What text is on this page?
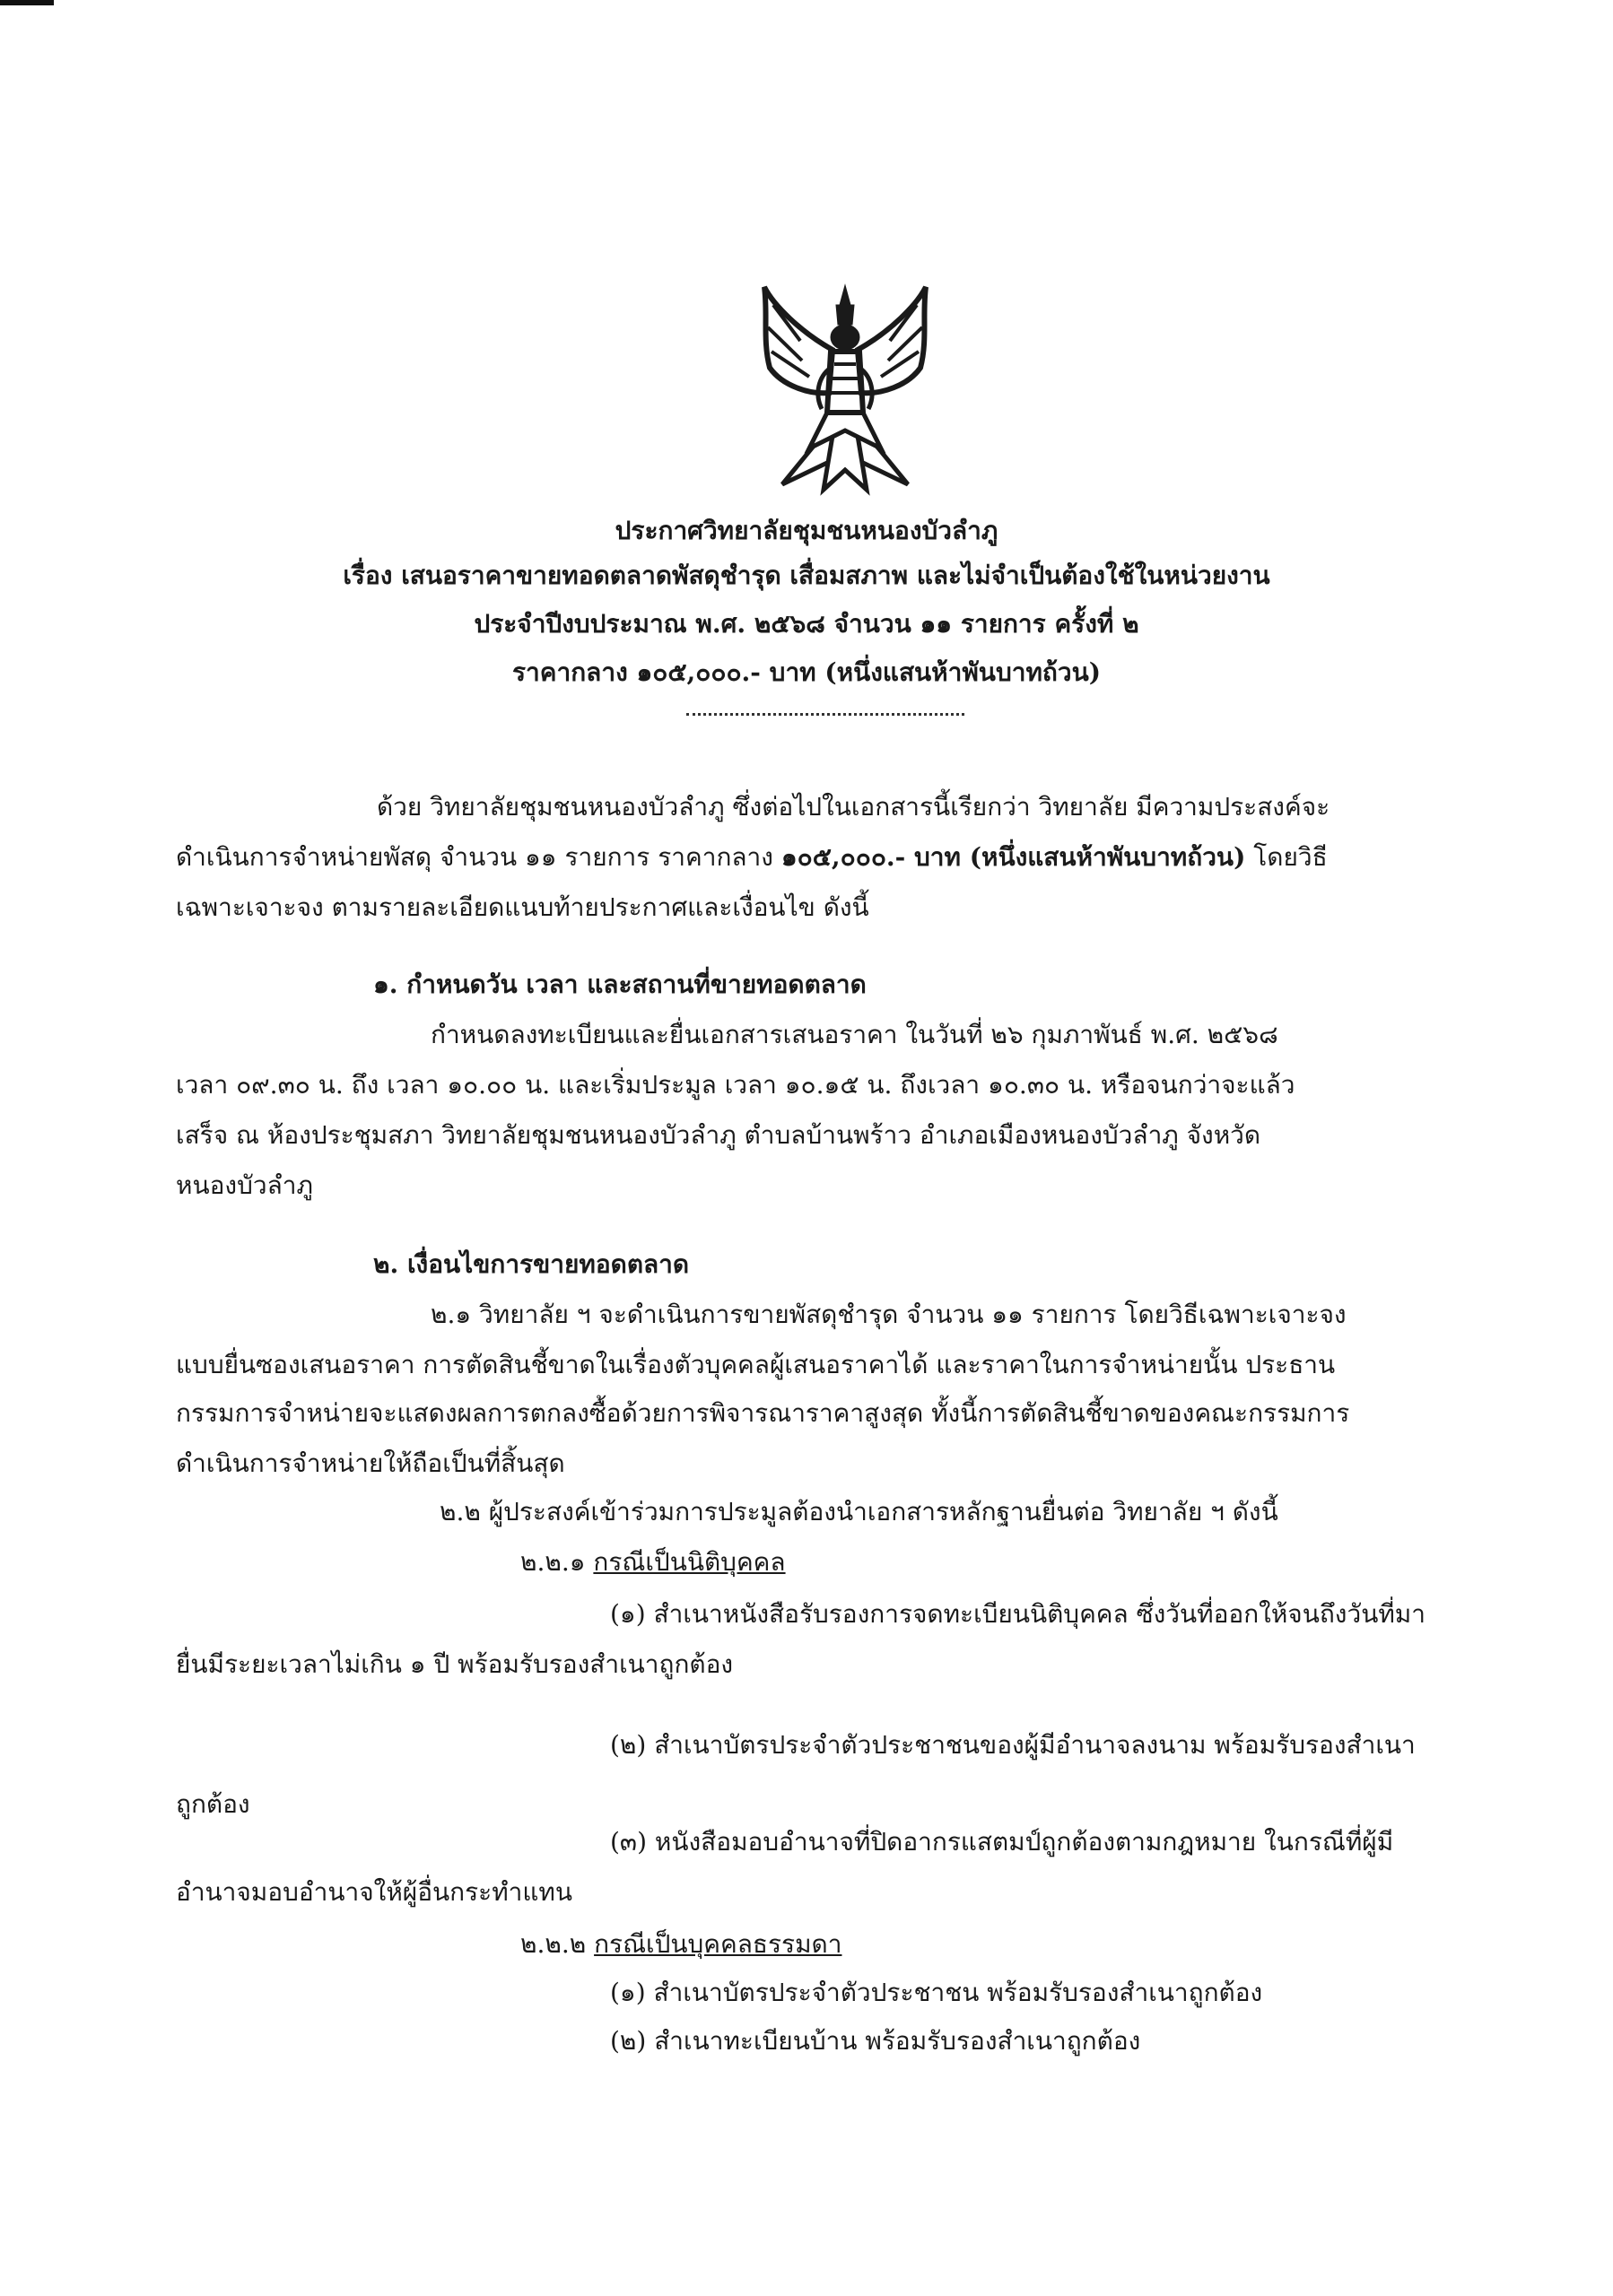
ประกาศวิทยาลัยชุมชนหนองบัวลำภู
เรื่อง เสนอราคาขายทอดตลาดพัสดุชำรุด เสื่อมสภาพ และไม่จำเป็นต้องใช้ในหน่วยงาน
ประจำปีงบประมาณ พ.ศ. ๒๕๖๘ จำนวน ๑๑ รายการ ครั้งที่ ๒
ราคากลาง ๑๐๕,๐๐๐.- บาท (หนึ่งแสนห้าพันบาทถ้วน)
ด้วย วิทยาลัยชุมชนหนองบัวลำภู ซึ่งต่อไปในเอกสารนี้เรียกว่า วิทยาลัย มีความประสงค์จะ
ดำเนินการจำหน่ายพัสดุ จำนวน ๑๑ รายการ ราคากลาง ๑๐๕,๐๐๐.- บาท (หนึ่งแสนห้าพันบาทถ้วน) โดยวิธี
เฉพาะเจาะจง ตามรายละเอียดแนบท้ายประกาศและเงื่อนไข ดังนี้
๑. กำหนดวัน เวลา และสถานที่ขายทอดตลาด
กำหนดลงทะเบียนและยื่นเอกสารเสนอราคา ในวันที่ ๒๖ กุมภาพันธ์ พ.ศ. ๒๕๖๘
เวลา ๐๙.๓๐ น. ถึง เวลา ๑๐.๐๐ น. และเริ่มประมูล เวลา ๑๐.๑๕ น. ถึงเวลา ๑๐.๓๐ น. หรือจนกว่าจะแล้ว
เสร็จ ณ ห้องประชุมสภา วิทยาลัยชุมชนหนองบัวลำภู ตำบลบ้านพร้าว อำเภอเมืองหนองบัวลำภู จังหวัด
หนองบัวลำภู
๒. เงื่อนไขการขายทอดตลาด
๒.๑ วิทยาลัย ฯ จะดำเนินการขายพัสดุชำรุด จำนวน ๑๑ รายการ โดยวิธีเฉพาะเจาะจง
แบบยื่นซองเสนอราคา การตัดสินชี้ขาดในเรื่องตัวบุคคลผู้เสนอราคาได้ และราคาในการจำหน่ายนั้น ประธาน
กรรมการจำหน่ายจะแสดงผลการตกลงซื้อด้วยการพิจารณาราคาสูงสุด ทั้งนี้การตัดสินชี้ขาดของคณะกรรมการ
ดำเนินการจำหน่ายให้ถือเป็นที่สิ้นสุด
๒.๒ ผู้ประสงค์เข้าร่วมการประมูลต้องนำเอกสารหลักฐานยื่นต่อ วิทยาลัย ฯ ดังนี้
๒.๒.๑ กรณีเป็นนิติบุคคล
(๑) สำเนาหนังสือรับรองการจดทะเบียนนิติบุคคล ซึ่งวันที่ออกให้จนถึงวันที่มา
ยื่นมีระยะเวลาไม่เกิน ๑ ปี พร้อมรับรองสำเนาถูกต้อง
(๒) สำเนาบัตรประจำตัวประชาชนของผู้มีอำนาจลงนาม พร้อมรับรองสำเนา
ถูกต้อง
(๓) หนังสือมอบอำนาจที่ปิดอากรแสตมป์ถูกต้องตามกฎหมาย ในกรณีที่ผู้มี
อำนาจมอบอำนาจให้ผู้อื่นกระทำแทน
๒.๒.๒ กรณีเป็นบุคคลธรรมดา
(๑) สำเนาบัตรประจำตัวประชาชน พร้อมรับรองสำเนาถูกต้อง
(๒) สำเนาทะเบียนบ้าน พร้อมรับรองสำเนาถูกต้อง
